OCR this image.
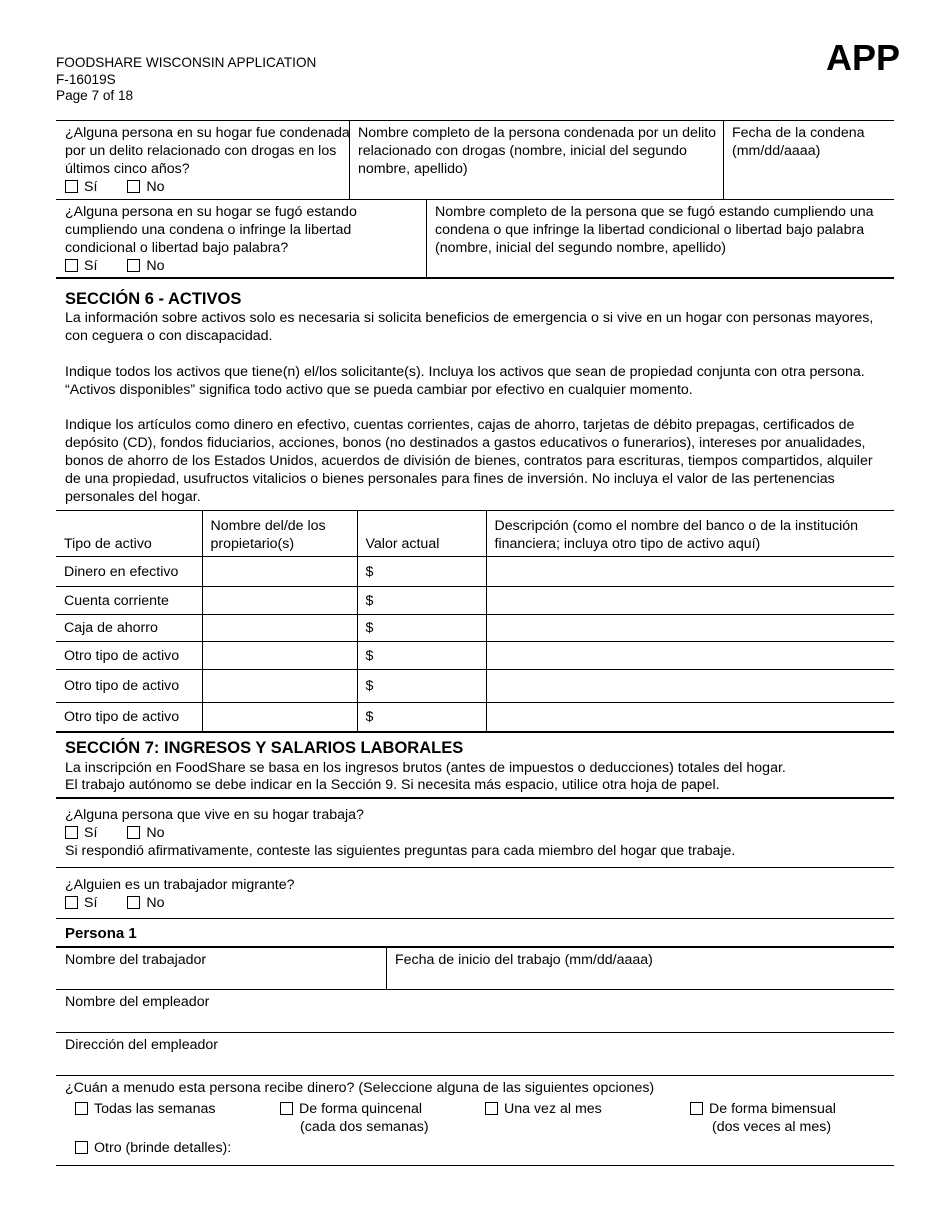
FOODSHARE WISCONSIN APPLICATION
F-16019S
Page 7 of 18
APP
¿Alguna persona en su hogar fue condenada por un delito relacionado con drogas en los últimos cinco años?
Sí	No
Nombre completo de la persona condenada por un delito relacionado con drogas (nombre, inicial del segundo nombre, apellido)
Fecha de la condena (mm/dd/aaaa)
¿Alguna persona en su hogar se fugó estando cumpliendo una condena o infringe la libertad condicional o libertad bajo palabra?
Sí	No
Nombre completo de la persona que se fugó estando cumpliendo una condena o que infringe la libertad condicional o libertad bajo palabra (nombre, inicial del segundo nombre, apellido)
SECCIÓN 6 - ACTIVOS
La información sobre activos solo es necesaria si solicita beneficios de emergencia o si vive en un hogar con personas mayores, con ceguera o con discapacidad.
Indique todos los activos que tiene(n) el/los solicitante(s). Incluya los activos que sean de propiedad conjunta con otra persona. “Activos disponibles” significa todo activo que se pueda cambiar por efectivo en cualquier momento.
Indique los artículos como dinero en efectivo, cuentas corrientes, cajas de ahorro, tarjetas de débito prepagas, certificados de depósito (CD), fondos fiduciarios, acciones, bonos (no destinados a gastos educativos o funerarios), intereses por anualidades, bonos de ahorro de los Estados Unidos, acuerdos de división de bienes, contratos para escrituras, tiempos compartidos, alquiler de una propiedad, usufructos vitalicios o bienes personales para fines de inversión. No incluya el valor de las pertenencias personales del hogar.
Tipo de activo	Nombre del/de los propietario(s)	Valor actual	Descripción (como el nombre del banco o de la institución financiera; incluya otro tipo de activo aquí)
Dinero en efectivo		$	
Cuenta corriente		$	
Caja de ahorro		$	
Otro tipo de activo		$	
Otro tipo de activo		$	
Otro tipo de activo		$	
SECCIÓN 7: INGRESOS Y SALARIOS LABORALES
La inscripción en FoodShare se basa en los ingresos brutos (antes de impuestos o deducciones) totales del hogar.
El trabajo autónomo se debe indicar en la Sección 9. Si necesita más espacio, utilice otra hoja de papel.
¿Alguna persona que vive en su hogar trabaja?
Sí	No
Si respondió afirmativamente, conteste las siguientes preguntas para cada miembro del hogar que trabaje.
¿Alguien es un trabajador migrante?
Sí	No
Persona 1
Nombre del trabajador	Fecha de inicio del trabajo (mm/dd/aaaa)
Nombre del empleador
Dirección del empleador
¿Cuán a menudo esta persona recibe dinero? (Seleccione alguna de las siguientes opciones)
Todas las semanas	De forma quincenal
(cada dos semanas)
Una vez al mes	De forma bimensual
(dos veces al mes)
Otro (brinde detalles):
